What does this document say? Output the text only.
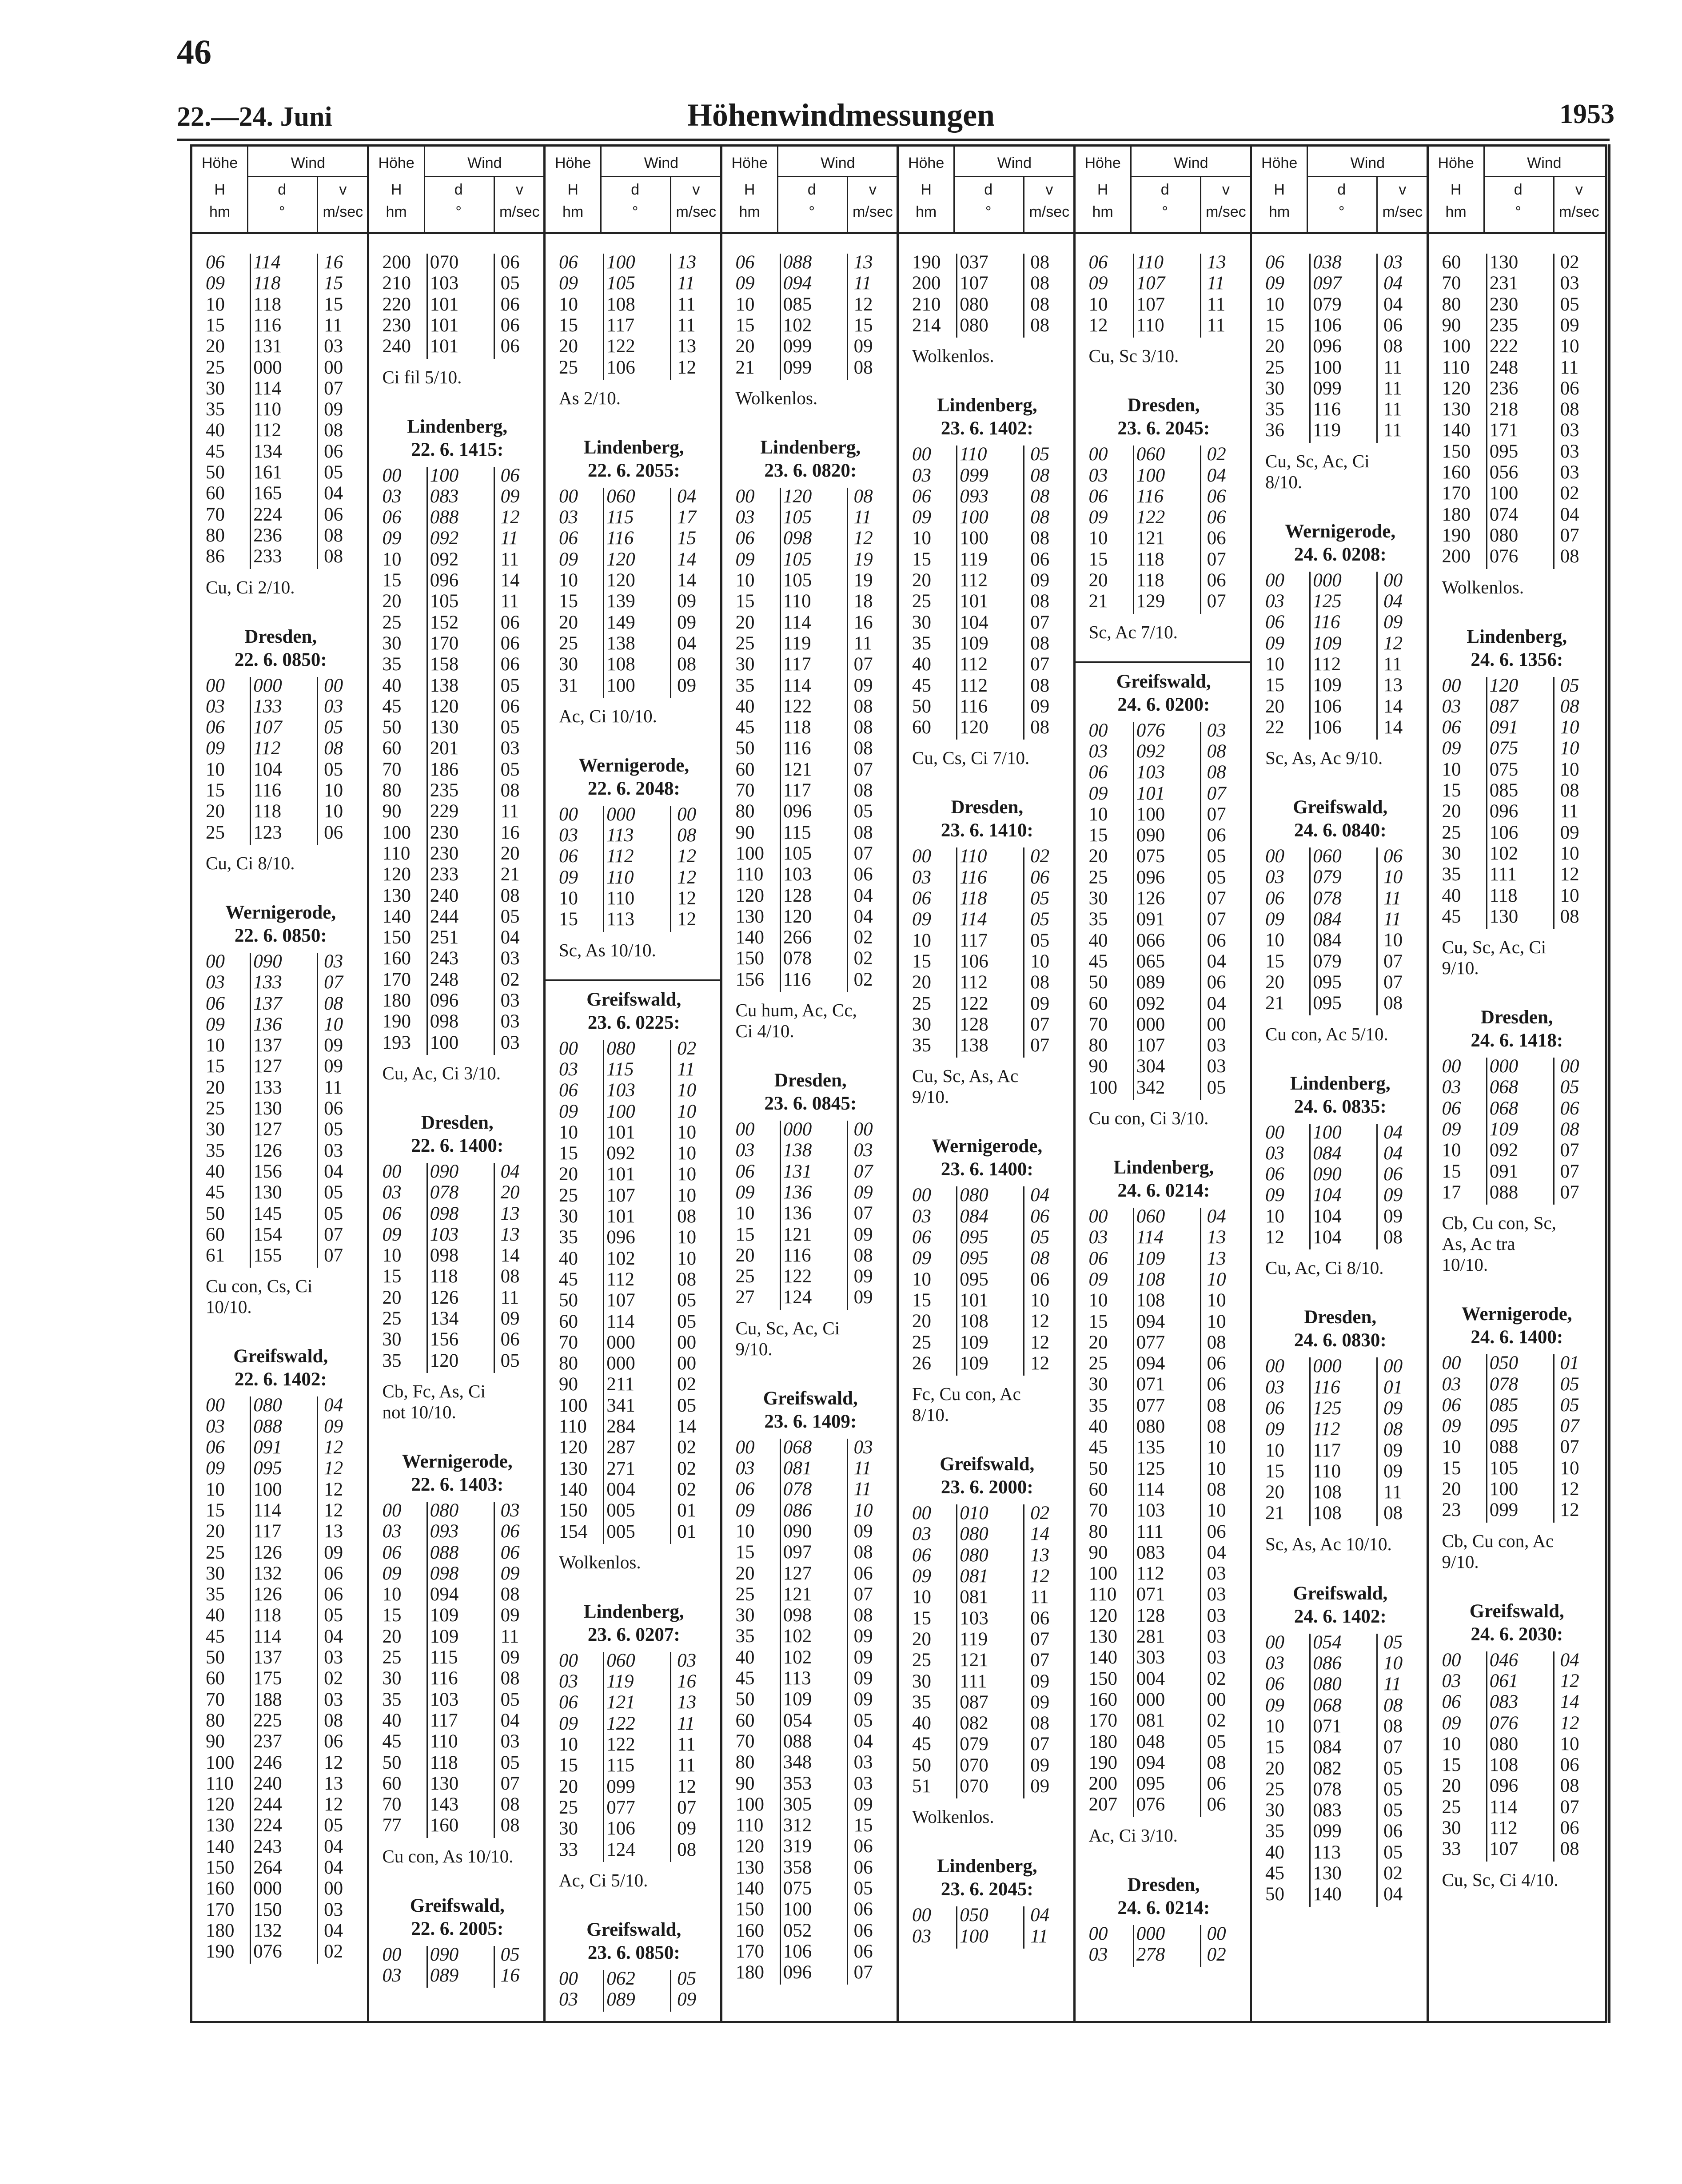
46
22.—24. Juni	Höhenwindmessungen	1953
Höhe	Wind
H
hm
d
°
v
m/sec
06 114 16
09 118 15
10 118 15
15 116 11
20 131 03
25 000 00
30 114 07
35 110 09
40 112 08
45 134 06
50 161 05
60 165 04
70 224 06
80 236 08
86 233 08
Cu, Ci 2/10.
Dresden,
22. 6. 0850:
00 000 00
03 133 03
06 107 05
09 112 08
10 104 05
15 116 10
20 118 10
25 123 06
Cu, Ci 8/10.
Wernigerode,
22. 6. 0850:
00 090 03
03 133 07
06 137 08
09 136 10
10 137 09
15 127 09
20 133 11
25 130 06
30 127 05
35 126 03
40 156 04
45 130 05
50 145 05
60 154 07
61 155 07
Cu con, Cs, Ci
10/10.
Greifswald,
22. 6. 1402:
00 080 04
03 088 09
06 091 12
09 095 12
10 100 12
15 114 12
20 117 13
25 126 09
30 132 06
35 126 06
40 118 05
45 114 04
50 137 03
60 175 02
70 188 03
80 225 08
90 237 06
100 246 12
110 240 13
120 244 12
130 224 05
140 243 04
150 264 04
160 000 00
170 150 03
180 132 04
190 076 02
Höhe	Wind
H
hm
d
°
v
m/sec
200 070 06
210 103 05
220 101 06
230 101 06
240 101 06
Ci fil 5/10.
Lindenberg,
22. 6. 1415:
00 100 06
03 083 09
06 088 12
09 092 11
10 092 11
15 096 14
20 105 11
25 152 06
30 170 06
35 158 06
40 138 05
45 120 06
50 130 05
60 201 03
70 186 05
80 235 08
90 229 11
100 230 16
110 230 20
120 233 21
130 240 08
140 244 05
150 251 04
160 243 03
170 248 02
180 096 03
190 098 03
193 100 03
Cu, Ac, Ci 3/10.
Dresden,
22. 6. 1400:
00 090 04
03 078 20
06 098 13
09 103 13
10 098 14
15 118 08
20 126 11
25 134 09
30 156 06
35 120 05
Cb, Fc, As, Ci
not 10/10.
Wernigerode,
22. 6. 1403:
00 080 03
03 093 06
06 088 06
09 098 09
10 094 08
15 109 09
20 109 11
25 115 09
30 116 08
35 103 05
40 117 04
45 110 03
50 118 05
60 130 07
70 143 08
77 160 08
Cu con, As 10/10.
Greifswald,
22. 6. 2005:
00 090 05
03 089 16
Höhe	Wind
H
hm
d
°
v
m/sec
06 100 13
09 105 11
10 108 11
15 117 11
20 122 13
25 106 12
As 2/10.
Lindenberg,
22. 6. 2055:
00 060 04
03 115 17
06 116 15
09 120 14
10 120 14
15 139 09
20 149 09
25 138 04
30 108 08
31 100 09
Ac, Ci 10/10.
Wernigerode,
22. 6. 2048:
00 000 00
03 113 08
06 112 12
09 110 12
10 110 12
15 113 12
Sc, As 10/10.
Greifswald,
23. 6. 0225:
00 080 02
03 115 11
06 103 10
09 100 10
10 101 10
15 092 10
20 101 10
25 107 10
30 101 08
35 096 10
40 102 10
45 112 08
50 107 05
60 114 05
70 000 00
80 000 00
90 211 02
100 341 05
110 284 14
120 287 02
130 271 02
140 004 02
150 005 01
154 005 01
Wolkenlos.
Lindenberg,
23. 6. 0207:
00 060 03
03 119 16
06 121 13
09 122 11
10 122 11
15 115 11
20 099 12
25 077 07
30 106 09
33 124 08
Ac, Ci 5/10.
Greifswald,
23. 6. 0850:
00 062 05
03 089 09
Höhe	Wind
H
hm
d
°
v
m/sec
06 088 13
09 094 11
10 085 12
15 102 15
20 099 09
21 099 08
Wolkenlos.
Lindenberg,
23. 6. 0820:
00 120 08
03 105 11
06 098 12
09 105 19
10 105 19
15 110 18
20 114 16
25 119 11
30 117 07
35 114 09
40 122 08
45 118 08
50 116 08
60 121 07
70 117 08
80 096 05
90 115 08
100 105 07
110 103 06
120 128 04
130 120 04
140 266 02
150 078 02
156 116 02
Cu hum, Ac, Cc,
Ci 4/10.
Dresden,
23. 6. 0845:
00 000 00
03 138 03
06 131 07
09 136 09
10 136 07
15 121 09
20 116 08
25 122 09
27 124 09
Cu, Sc, Ac, Ci
9/10.
Greifswald,
23. 6. 1409:
00 068 03
03 081 11
06 078 11
09 086 10
10 090 09
15 097 08
20 127 06
25 121 07
30 098 08
35 102 09
40 102 09
45 113 09
50 109 09
60 054 05
70 088 04
80 348 03
90 353 03
100 305 09
110 312 15
120 319 06
130 358 06
140 075 05
150 100 06
160 052 06
170 106 06
180 096 07
Höhe	Wind
H
hm
d
°
v
m/sec
190 037 08
200 107 08
210 080 08
214 080 08
Wolkenlos.
Lindenberg,
23. 6. 1402:
00 110 05
03 099 08
06 093 08
09 100 08
10 100 08
15 119 06
20 112 09
25 101 08
30 104 07
35 109 08
40 112 07
45 112 08
50 116 09
60 120 08
Cu, Cs, Ci 7/10.
Dresden,
23. 6. 1410:
00 110 02
03 116 06
06 118 05
09 114 05
10 117 05
15 106 10
20 112 08
25 122 09
30 128 07
35 138 07
Cu, Sc, As, Ac
9/10.
Wernigerode,
23. 6. 1400:
00 080 04
03 084 06
06 095 05
09 095 08
10 095 06
15 101 10
20 108 12
25 109 12
26 109 12
Fc, Cu con, Ac
8/10.
Greifswald,
23. 6. 2000:
00 010 02
03 080 14
06 080 13
09 081 12
10 081 11
15 103 06
20 119 07
25 121 07
30 111 09
35 087 09
40 082 08
45 079 07
50 070 09
51 070 09
Wolkenlos.
Lindenberg,
23. 6. 2045:
00 050 04
03 100 11
Höhe	Wind
H
hm
d
°
v
m/sec
06 110 13
09 107 11
10 107 11
12 110 11
Cu, Sc 3/10.
Dresden,
23. 6. 2045:
00 060 02
03 100 04
06 116 06
09 122 06
10 121 06
15 118 07
20 118 06
21 129 07
Sc, Ac 7/10.
Greifswald,
24. 6. 0200:
00 076 03
03 092 08
06 103 08
09 101 07
10 100 07
15 090 06
20 075 05
25 096 05
30 126 07
35 091 07
40 066 06
45 065 04
50 089 06
60 092 04
70 000 00
80 107 03
90 304 03
100 342 05
Cu con, Ci 3/10.
Lindenberg,
24. 6. 0214:
00 060 04
03 114 13
06 109 13
09 108 10
10 108 10
15 094 10
20 077 08
25 094 06
30 071 06
35 077 08
40 080 08
45 135 10
50 125 10
60 114 08
70 103 10
80 111 06
90 083 04
100 112 03
110 071 03
120 128 03
130 281 03
140 303 03
150 004 02
160 000 00
170 081 02
180 048 05
190 094 08
200 095 06
207 076 06
Ac, Ci 3/10.
Dresden,
24. 6. 0214:
00 000 00
03 278 02
Höhe	Wind
H
hm
d
°
v
m/sec
06 038 03
09 097 04
10 079 04
15 106 06
20 096 08
25 100 11
30 099 11
35 116 11
36 119 11
Cu, Sc, Ac, Ci
8/10.
Wernigerode,
24. 6. 0208:
00 000 00
03 125 04
06 116 09
09 109 12
10 112 11
15 109 13
20 106 14
22 106 14
Sc, As, Ac 9/10.
Greifswald,
24. 6. 0840:
00 060 06
03 079 10
06 078 11
09 084 11
10 084 10
15 079 07
20 095 07
21 095 08
Cu con, Ac 5/10.
Lindenberg,
24. 6. 0835:
00 100 04
03 084 04
06 090 06
09 104 09
10 104 09
12 104 08
Cu, Ac, Ci 8/10.
Dresden,
24. 6. 0830:
00 000 00
03 116 01
06 125 09
09 112 08
10 117 09
15 110 09
20 108 11
21 108 08
Sc, As, Ac 10/10.
Greifswald,
24. 6. 1402:
00 054 05
03 086 10
06 080 11
09 068 08
10 071 08
15 084 07
20 082 05
25 078 05
30 083 05
35 099 06
40 113 05
45 130 02
50 140 04
Höhe	Wind
H
hm
d
°
v
m/sec
60 130 02
70 231 03
80 230 05
90 235 09
100 222 10
110 248 11
120 236 06
130 218 08
140 171 03
150 095 03
160 056 03
170 100 02
180 074 04
190 080 07
200 076 08
Wolkenlos.
Lindenberg,
24. 6. 1356:
00 120 05
03 087 08
06 091 10
09 075 10
10 075 10
15 085 08
20 096 11
25 106 09
30 102 10
35 111 12
40 118 10
45 130 08
Cu, Sc, Ac, Ci
9/10.
Dresden,
24. 6. 1418:
00 000 00
03 068 05
06 068 06
09 109 08
10 092 07
15 091 07
17 088 07
Cb, Cu con, Sc,
As, Ac tra
10/10.
Wernigerode,
24. 6. 1400:
00 050 01
03 078 05
06 085 05
09 095 07
10 088 07
15 105 10
20 100 12
23 099 12
Cb, Cu con, Ac
9/10.
Greifswald,
24. 6. 2030:
00 046 04
03 061 12
06 083 14
09 076 12
10 080 10
15 108 06
20 096 08
25 114 07
30 112 06
33 107 08
Cu, Sc, Ci 4/10.
